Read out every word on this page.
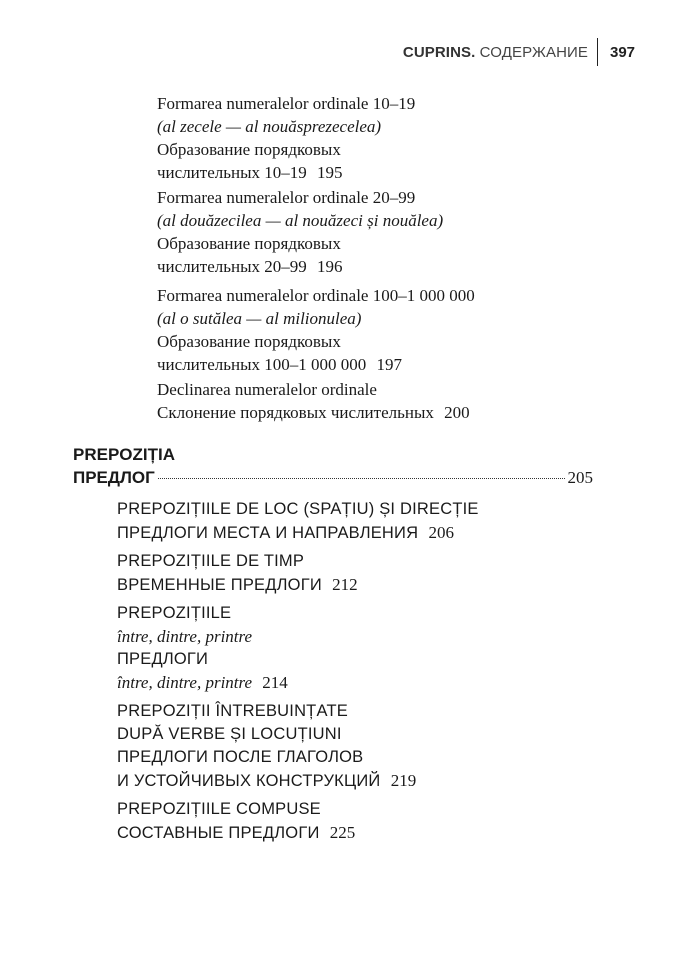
CUPRINS. СОДЕРЖАНИЕ 397
Formarea numeralelor ordinale 10–19
(al zecele — al nouăsprezecelea)
Образование порядковых
числительных 10–19 195
Formarea numeralelor ordinale 20–99
(al douăzecilea — al nouăzeci și nouălea)
Образование порядковых
числительных 20–99 196
Formarea numeralelor ordinale 100–1 000 000
(al o sutălea — al milionulea)
Образование порядковых
числительных 100–1 000 000 197
Declinarea numeralelor ordinale
Склонение порядковых числительных 200
PREPOZIȚIA
ПРЕДЛОГ	205
PREPOZIȚIILE DE LOC (SPAȚIU) ȘI DIRECȚIE
ПРЕДЛОГИ МЕСТА И НАПРАВЛЕНИЯ 206
PREPOZIȚIILE DE TIMP
ВРЕМЕННЫЕ ПРЕДЛОГИ 212
PREPOZIȚIILE
între, dintre, printre
ПРЕДЛОГИ
între, dintre, printre 214
PREPOZIȚII ÎNTREBUINȚATE
DUPĂ VERBE ȘI LOCUȚIUNI
ПРЕДЛОГИ ПОСЛЕ ГЛАГОЛОВ
И УСТОЙЧИВЫХ КОНСТРУКЦИЙ 219
PREPOZIȚIILE COMPUSE
СОСТАВНЫЕ ПРЕДЛОГИ 225
